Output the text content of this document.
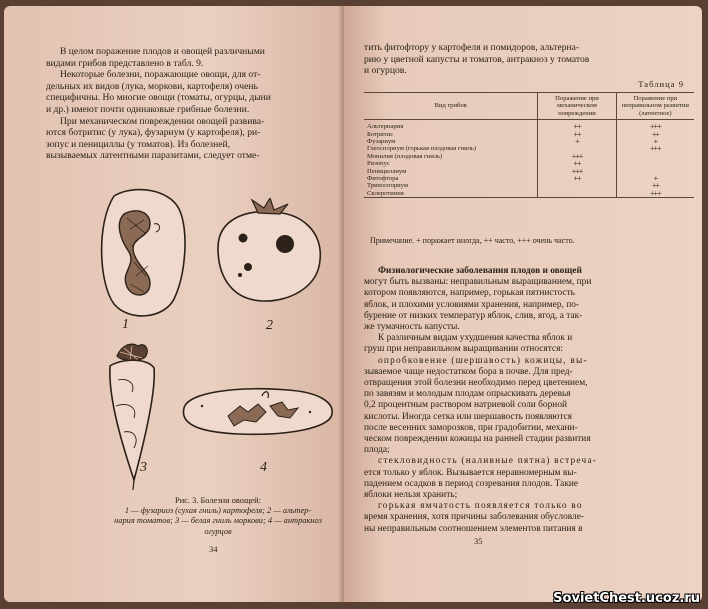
В целом поражение плодов и овощей различными
видами грибов представлено в табл. 9.
Некоторые болезни, поражающие овощи, для от-
дельных их видов (лука, моркови, картофеля) очень
специфичны. Но многие овощи (томаты, огурцы, дыни
и др.) имеют почти одинаковые грибные болезни.
При механическом повреждении овощей развива-
ются ботритис (у лука), фузариум (у картофеля), ри-
зопус и пенициллы (у томатов). Из болезней,
вызываемых латентными паразитами, следует отме-
1	2
3	4
Рис. 3. Болезни овощей:
1 — фузариоз (сухая гниль) картофеля; 2 — альтер-
нария томатов; 3 — белая гниль моркови; 4 — антракноз
огурцов
34
тить фитофтору у картофеля и помидоров, альтерна-
рию у цветной капусты и томатов, антракноз у томатов
и огурцов.
Таблица 9
Вид грибов	Поражение при механическом повреждении	Поражение при неправильном развитии (латентное)
Альтернария	++	+++
Ботритис	++	++
Фузариум	+	+
Глеоспориум (горькая плодовая гниль)		+++
Монилия (плодовая гниль)	+++	
Ризопус	++	
Пенициллиум	+++	
Фитофтора	++	+
Трихоспориум		++
Склеротиния		+++
Примечание. + поражает иногда, ++ часто, +++ очень часто.
Физиологические заболевания плодов и овощей
могут быть вызваны: неправильным выращиванием, при
котором появляются, например, горькая пятнистость
яблок, и плохими условиями хранения, например, по-
бурение от низких температур яблок, слив, ягод, а так-
же тумачность капусты.
К различным видам ухудшения качества яблок и
груш при неправильном выращивании относятся:
опробковение (шершавость) кожицы, вы-
зываемое чаще недостатком бора в почве. Для пред-
отвращения этой болезни необходимо перед цветением,
по завязям и молодым плодам опрыскивать деревья
0,2 процентным раствором натриевой соли борной
кислоты. Иногда сетка или шершавость появляются
после весенних заморозков, при градобитии, механи-
ческом повреждении кожицы на ранней стадии развития
плода;
стекловидность (наливные пятна) встреча-
ется только у яблок. Вызывается неравномерным вы-
падением осадков в период созревания плодов. Такие
яблоки нельзя хранить;
горькая ямчатость появляется только во
время хранения, хотя причины заболевания обусловле-
ны неправильным соотношением элементов питания в
35
SovietChest.ucoz.ru
